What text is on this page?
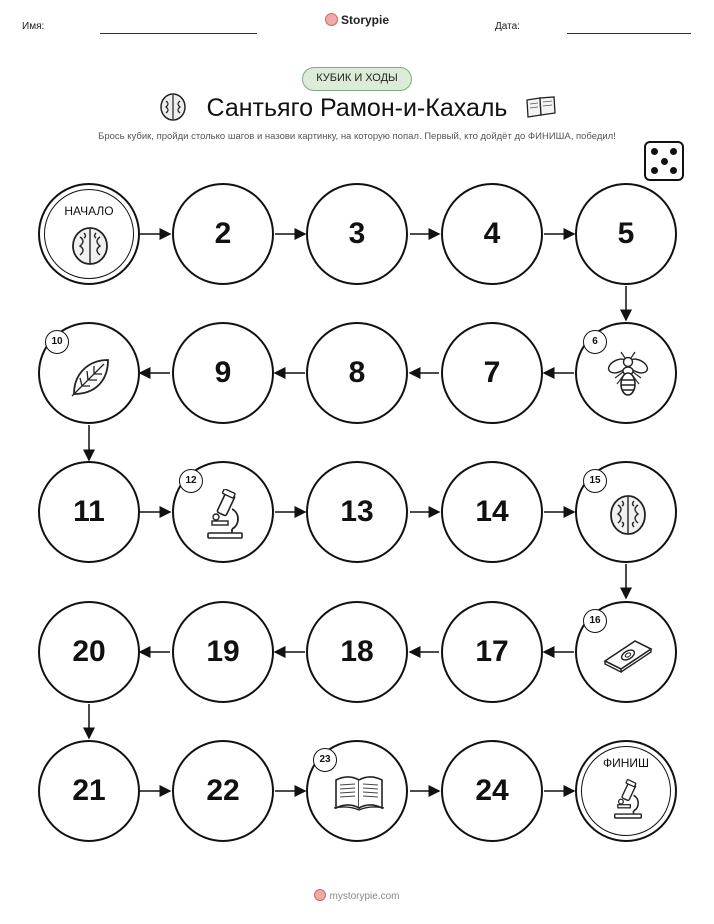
Имя:	Storypie	Дата:
КУБИК И ХОДЫ
Сантьяго Рамон-и-Кахаль
Брось кубик, пройди столько шагов и назови картинку, на которую попал. Первый, кто дойдёт до ФИНИША, победил!
НАЧАЛО
2	3	4	5
10
9	8	7
6
11
12
13	14
15
20	19	18	17
16
21	22
23
24
ФИНИШ
mystorypie.com
